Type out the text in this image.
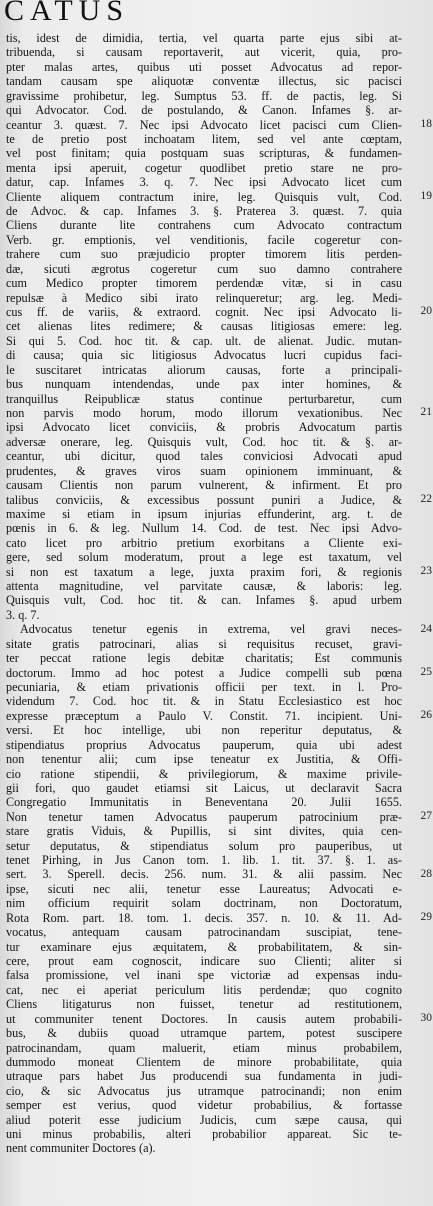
CATUS
tis, idest de dimidia, tertia, vel quarta parte ejus sibi at-
tribuenda, si causam reportaverit, aut vicerit, quia, pro-
pter malas artes, quibus uti posset Advocatus ad repor-
tandam causam spe aliquotæ conventæ illectus, sic pacisci
gravissime prohibetur, leg. Sumptus 53. ff. de pactis, leg. Si
qui Advocator. Cod. de postulando, & Canon. Infames §. ar-
ceantur 3. quæst. 7. Nec ipsi Advocato licet pacisci cum Clien-
te de pretio post inchoatam litem, sed vel ante cœptam,
vel post finitam; quia postquam suas scripturas, & fundamen-
menta ipsi aperuit, cogetur quodlibet pretio stare ne pro-
datur, cap. Infames 3. q. 7. Nec ipsi Advocato licet cum
Cliente aliquem contractum inire, leg. Quisquis vult, Cod.
de Advoc. & cap. Infames 3. §. Praterea 3. quæst. 7. quia
Cliens durante lite contrahens cum Advocato contractum
Verb. gr. emptionis, vel venditionis, facile cogeretur con-
trahere cum suo præjudicio propter timorem litis perden-
dæ, sicuti ægrotus cogeretur cum suo damno contrahere
cum Medico propter timorem perdendæ vitæ, si in casu
repulsæ à Medico sibi irato relinqueretur; arg. leg. Medi-
cus ff. de variis, & extraord. cognit. Nec ipsi Advocato li-
cet alienas lites redimere; & causas litigiosas emere: leg.
Si qui 5. Cod. hoc tit. & cap. ult. de alienat. Judic. mutan-
di causa; quia sic litigiosus Advocatus lucri cupidus faci-
le suscitaret intricatas aliorum causas, forte a principali-
bus nunquam intendendas, unde pax inter homines, &
tranquillus Reipublicæ status continue perturbaretur, cum
non parvis modo horum, modo illorum vexationibus. Nec
ipsi Advocato licet conviciis, & probris Advocatum partis
adversæ onerare, leg. Quisquis vult, Cod. hoc tit. & §. ar-
ceantur, ubi dicitur, quod tales conviciosi Advocati apud
prudentes, & graves viros suam opinionem imminuant, &
causam Clientis non parum vulnerent, & infirment. Et pro
talibus conviciis, & excessibus possunt puniri a Judice, &
maxime si etiam in ipsum injurias effunderint, arg. t. de
pœnis in 6. & leg. Nullum 14. Cod. de test. Nec ipsi Advo-
cato licet pro arbitrio pretium exorbitans a Cliente exi-
gere, sed solum moderatum, prout a lege est taxatum, vel
si non est taxatum a lege, juxta praxim fori, & regionis
attenta magnitudine, vel parvitate causæ, & laboris: leg.
Quisquis vult, Cod. hoc tit. & can. Infames §. apud urbem
3. q. 7.
Advocatus tenetur egenis in extrema, vel gravi neces-
sitate gratis patrocinari, alias si requisitus recuset, gravi-
ter peccat ratione legis debitæ charitatis; Est communis
doctorum. Immo ad hoc potest a Judice compelli sub pœna
pecuniaria, & etiam privationis officii per text. in l. Pro-
videndum 7. Cod. hoc tit. & in Statu Ecclesiastico est hoc
expresse præceptum a Paulo V. Constit. 71. incipient. Uni-
versi. Et hoc intellige, ubi non reperitur deputatus, &
stipendiatus proprius Advocatus pauperum, quia ubi adest
non tenentur alii; cum ipse teneatur ex Justitia, & Offi-
cio ratione stipendii, & privilegiorum, & maxime privile-
gii fori, quo gaudet etiamsi sit Laicus, ut declaravit Sacra
Congregatio Immunitatis in Beneventana 20. Julii 1655.
Non tenetur tamen Advocatus pauperum patrocinium præ-
stare gratis Viduis, & Pupillis, si sint divites, quia cen-
setur deputatus, & stipendiatus solum pro pauperibus, ut
tenet Pirhing, in Jus Canon tom. 1. lib. 1. tit. 37. §. 1. as-
sert. 3. Sperell. decis. 256. num. 31. & alii passim. Nec
ipse, sicuti nec alii, tenetur esse Laureatus; Advocati e-
nim officium requirit solam doctrinam, non Doctoratum,
Rota Rom. part. 18. tom. 1. decis. 357. n. 10. & 11. Ad-
vocatus, antequam causam patrocinandam suscipiat, tene-
tur examinare ejus æquitatem, & probabilitatem, & sin-
cere, prout eam cognoscit, indicare suo Clienti; aliter si
falsa promissione, vel inani spe victoriæ ad expensas indu-
cat, nec ei aperiat periculum litis perdendæ; quo cognito
Cliens litigaturus non fuisset, tenetur ad restitutionem,
ut communiter tenent Doctores. In causis autem probabili-
bus, & dubiis quoad utramque partem, potest suscipere
patrocinandam, quam maluerit, etiam minus probabilem,
dummodo moneat Clientem de minore probabilitate, quia
utraque pars habet Jus producendi sua fundamenta in judi-
cio, & sic Advocatus jus utramque patrocinandi; non enim
semper est verius, quod videtur probabilius, & fortasse
aliud poterit esse judicium Judicis, cum sæpe causa, qui
uni minus probabilis, alteri probabilior appareat. Sic te-
nent communiter Doctores (a).
18
19
20
21
22
23
24
25
26
27
28
29
30
